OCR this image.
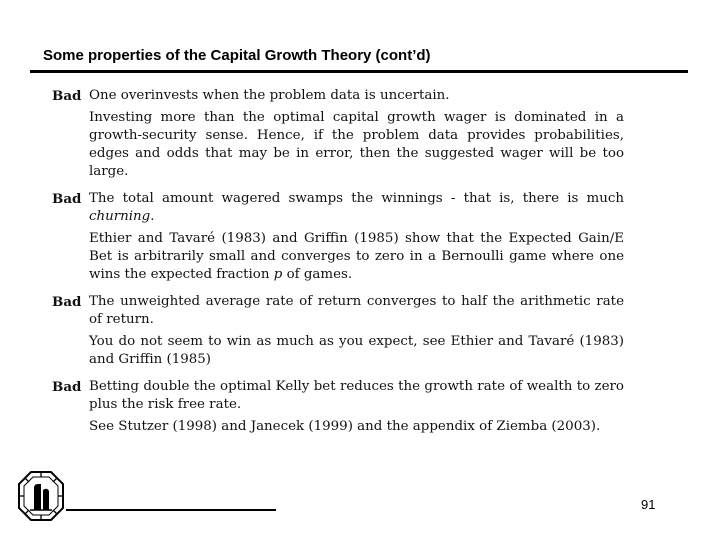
Some properties of the Capital Growth Theory (cont’d)
Bad One overinvests when the problem data is uncertain.

Investing more than the optimal capital growth wager is dominated in a growth-security sense. Hence, if the problem data provides probabilities, edges and odds that may be in error, then the suggested wager will be too large.

Bad The total amount wagered swamps the winnings - that is, there is much churning.

Ethier and Tavaré (1983) and Griffin (1985) show that the Expected Gain/E Bet is arbitrarily small and converges to zero in a Bernoulli game where one wins the expected fraction p of games.

Bad The unweighted average rate of return converges to half the arithmetic rate of return.

You do not seem to win as much as you expect, see Ethier and Tavaré (1983) and Griffin (1985)

Bad Betting double the optimal Kelly bet reduces the growth rate of wealth to zero plus the risk free rate.

See Stutzer (1998) and Janecek (1999) and the appendix of Ziemba (2003).

91
